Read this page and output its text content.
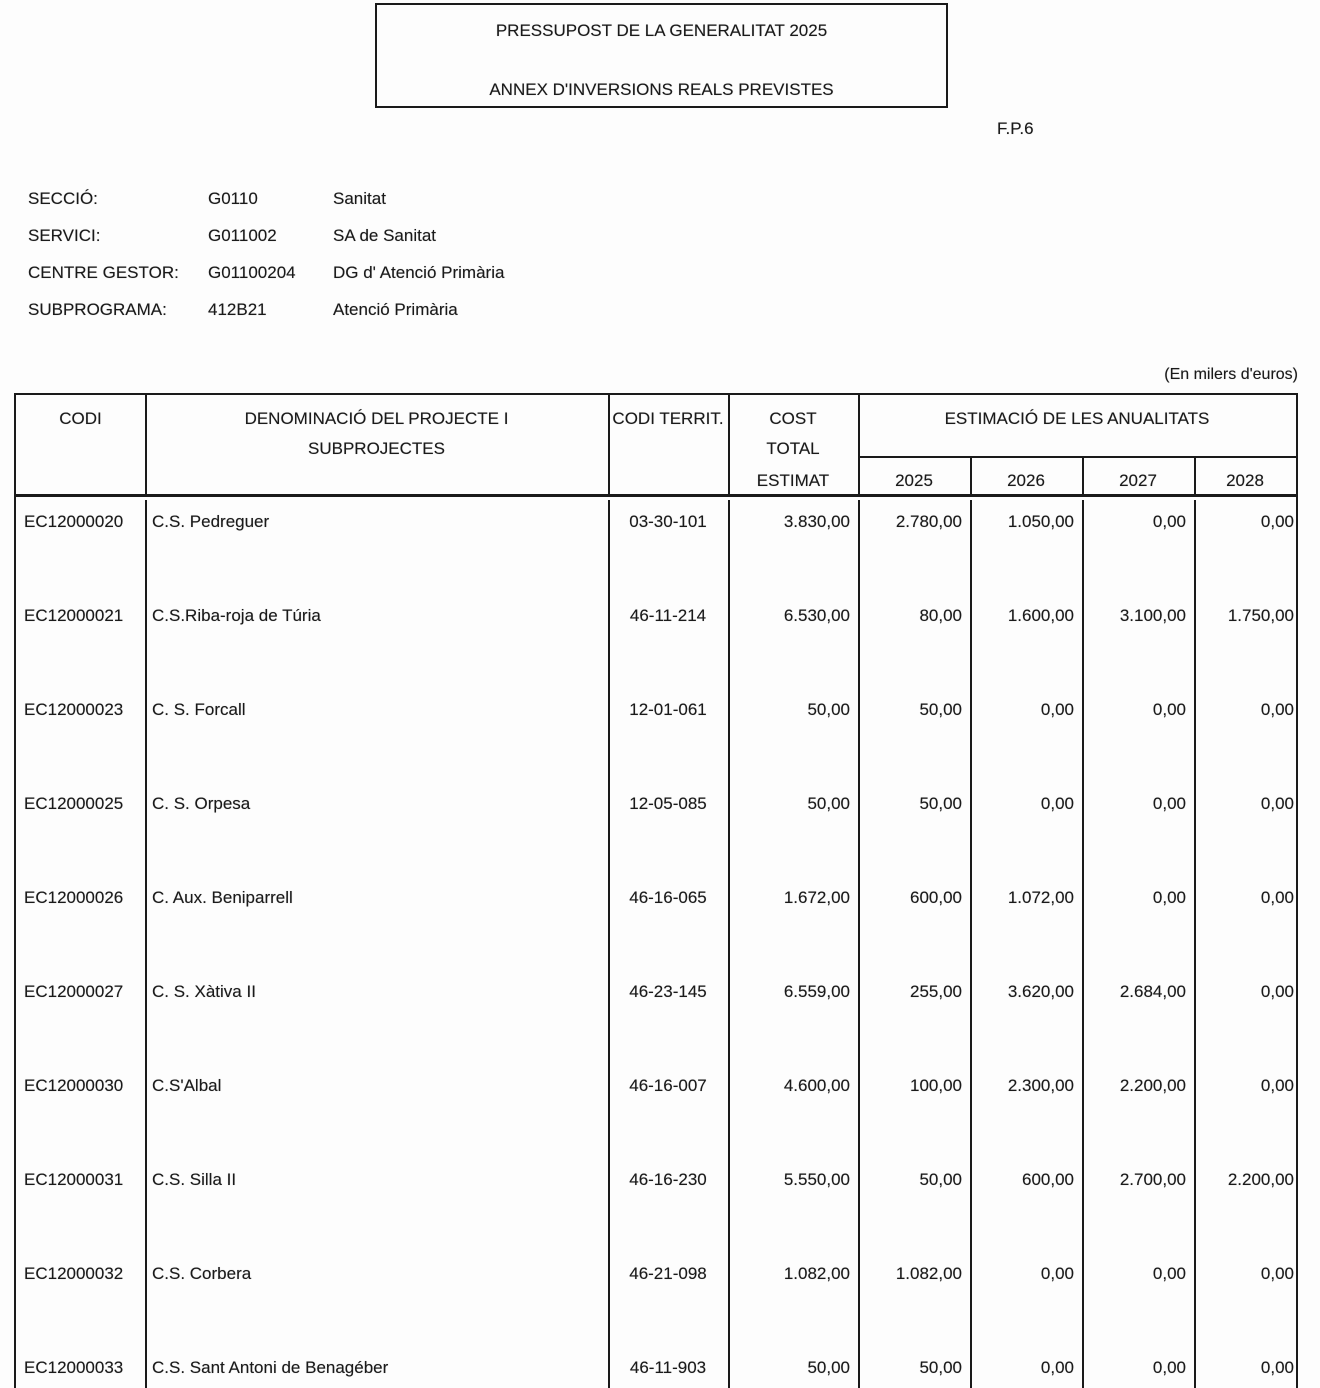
PRESSUPOST DE LA GENERALITAT 2025
ANNEX D'INVERSIONS REALS PREVISTES
F.P.6
SECCIÓ:	G0110	Sanitat
SERVICI:	G011002	SA de Sanitat
CENTRE GESTOR: G01100204 DG d' Atenció Primària
SUBPROGRAMA: 412B21	Atenció Primària
(En milers d'euros)
CODI	DENOMINACIÓ DEL PROJECTE I
SUBPROJECTES
CODI TERRIT.	COST
TOTAL
ESTIMAT
ESTIMACIÓ DE LES ANUALITATS
2025	2026	2027	2028
EC12000020	C.S. Pedreguer	03-30-101	3.830,00	2.780,00	1.050,00	0,00	0,00
EC12000021	C.S.Riba-roja de Túria	46-11-214	6.530,00	80,00	1.600,00	3.100,00	1.750,00
EC12000023	C. S. Forcall	12-01-061	50,00	50,00	0,00	0,00	0,00
EC12000025	C. S. Orpesa	12-05-085	50,00	50,00	0,00	0,00	0,00
EC12000026	C. Aux. Beniparrell	46-16-065	1.672,00	600,00	1.072,00	0,00	0,00
EC12000027	C. S. Xàtiva II	46-23-145	6.559,00	255,00	3.620,00	2.684,00	0,00
EC12000030	C.S'Albal	46-16-007	4.600,00	100,00	2.300,00	2.200,00	0,00
EC12000031	C.S. Silla II	46-16-230	5.550,00	50,00	600,00	2.700,00	2.200,00
EC12000032	C.S. Corbera	46-21-098	1.082,00	1.082,00	0,00	0,00	0,00
EC12000033	C.S. Sant Antoni de Benagéber	46-11-903	50,00	50,00	0,00	0,00	0,00
